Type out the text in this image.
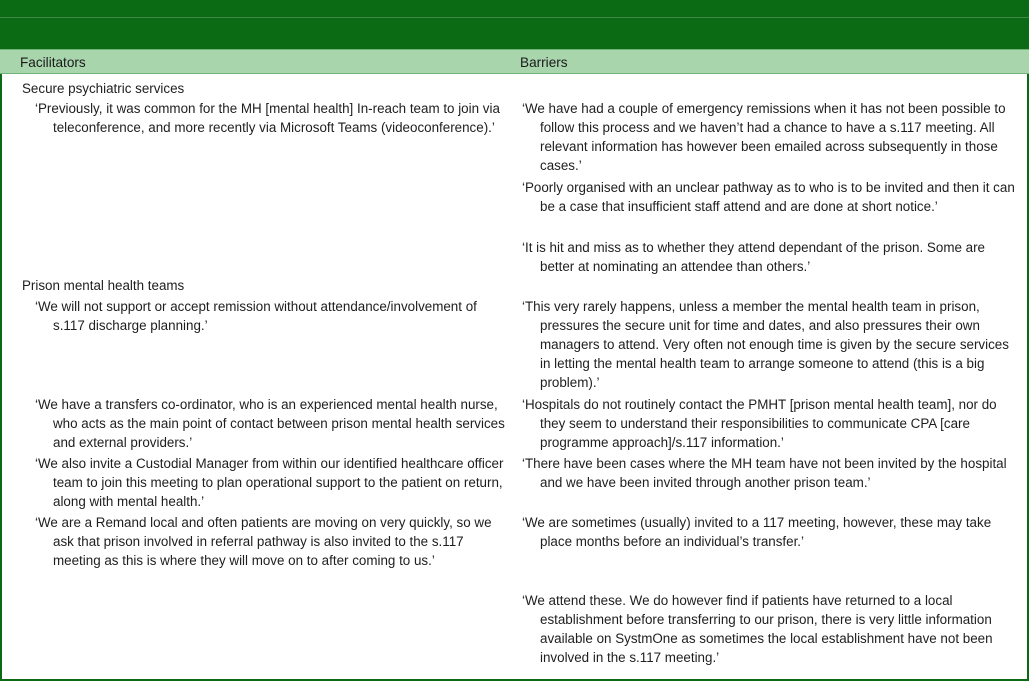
Facilitators	Barriers
Secure psychiatric services
‘Previously, it was common for the MH [mental health] In-reach team to join via teleconference, and more recently via Microsoft Teams (videoconference).’
‘We have had a couple of emergency remissions when it has not been possible to follow this process and we haven’t had a chance to have a s.117 meeting. All relevant information has however been emailed across subsequently in those cases.’
‘Poorly organised with an unclear pathway as to who is to be invited and then it can be a case that insufficient staff attend and are done at short notice.’
‘It is hit and miss as to whether they attend dependant of the prison. Some are better at nominating an attendee than others.’
Prison mental health teams
‘We will not support or accept remission without attendance/involvement of s.117 discharge planning.’
‘We have a transfers co-ordinator, who is an experienced mental health nurse, who acts as the main point of contact between prison mental health services and external providers.’
‘We also invite a Custodial Manager from within our identified healthcare officer team to join this meeting to plan operational support to the patient on return, along with mental health.’
‘We are a Remand local and often patients are moving on very quickly, so we ask that prison involved in referral pathway is also invited to the s.117 meeting as this is where they will move on to after coming to us.’
‘This very rarely happens, unless a member the mental health team in prison, pressures the secure unit for time and dates, and also pressures their own managers to attend. Very often not enough time is given by the secure services in letting the mental health team to arrange someone to attend (this is a big problem).’
‘Hospitals do not routinely contact the PMHT [prison mental health team], nor do they seem to understand their responsibilities to communicate CPA [care programme approach]/s.117 information.’
‘There have been cases where the MH team have not been invited by the hospital and we have been invited through another prison team.’
‘We are sometimes (usually) invited to a 117 meeting, however, these may take place months before an individual’s transfer.’
‘We attend these. We do however find if patients have returned to a local establishment before transferring to our prison, there is very little information available on SystmOne as sometimes the local establishment have not been involved in the s.117 meeting.’
